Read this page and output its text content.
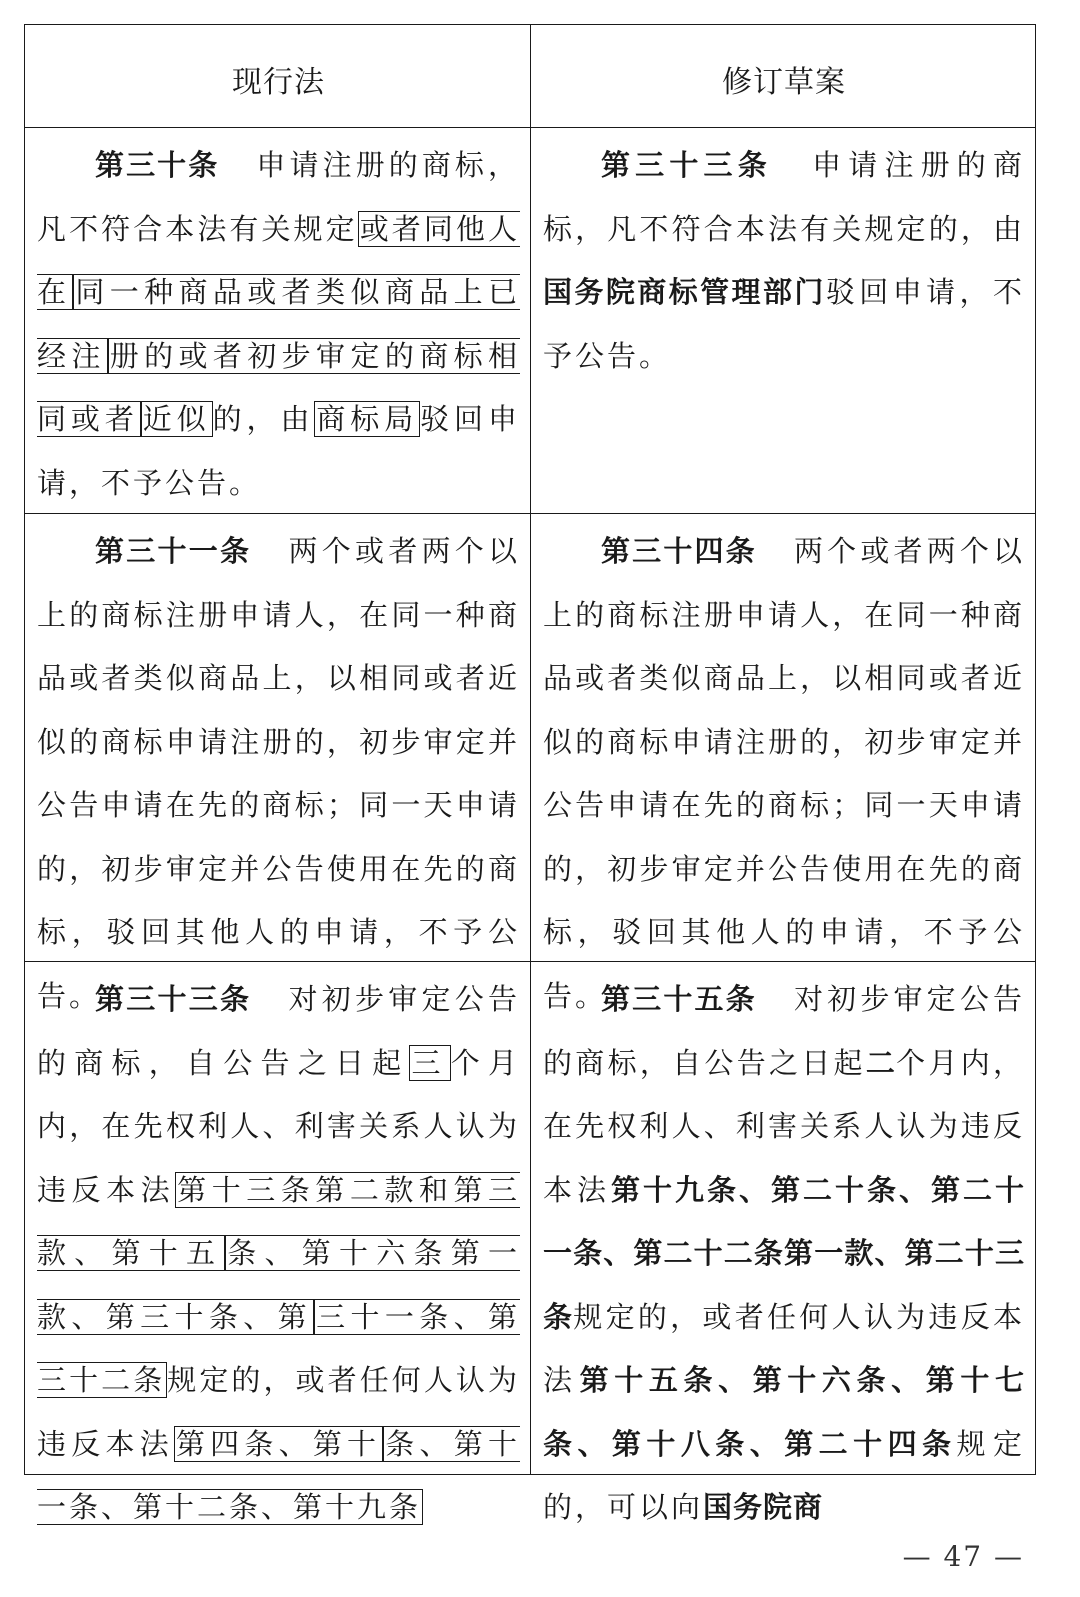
现行法	修订草案

第三十条 申请注册的商标，凡不符合本法有关规定或者同他人在 同一种商品或者类似商品上已经注 册的或者初步审定的商标相同或者 近似的，由商标局驳回申请，不予公告。

第三十三条 申请注册的商标，凡不符合本法有关规定的，由国务院商标管理部门驳回申请，不予公告。

第三十一条 两个或者两个以上的商标注册申请人，在同一种商品或者类似商品上，以相同或者近似的商标申请注册的，初步审定并公告申请在先的商标；同一天申请的，初步审定并公告使用在先的商标，驳回其他人的申请，不予公告。

第三十四条 两个或者两个以上的商标注册申请人，在同一种商品或者类似商品上，以相同或者近似的商标申请注册的，初步审定并公告申请在先的商标；同一天申请的，初步审定并公告使用在先的商标，驳回其他人的申请，不予公告。

第三十三条 对初步审定公告的商标，自公告之日起三个月内，在先权利人、利害关系人认为违反本法第十三条第二款和第三款、第十五 条、第十六条第一款、第三十条、第 三十一条、第三十二条规定的，或者任何人认为违反本法第四条、第十 条、第十一条、第十二条、第十九条

第三十五条 对初步审定公告的商标，自公告之日起二个月内，在先权利人、利害关系人认为违反本法第十九条、第二十条、第二十一条、第二十二条第一款、第二十三条规定的，或者任何人认为违反本法第十五条、第十六条、第十七条、第十八条、第二十四条规定的，可以向国务院商

— 47 —
